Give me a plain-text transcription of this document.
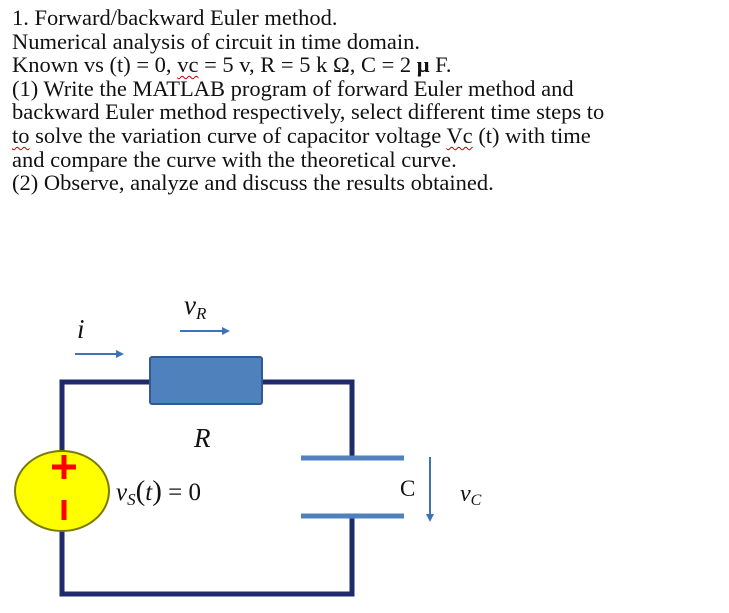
1. Forward/backward Euler method.
Numerical analysis of circuit in time domain.
Known vs (t) = 0, vc = 5 v, R = 5 k Ω, C = 2 μ F.
(1) Write the MATLAB program of forward Euler method and
backward Euler method respectively, select different time steps to
to solve the variation curve of capacitor voltage Vc (t) with time
and compare the curve with the theoretical curve.
(2) Observe, analyze and discuss the results obtained.
vR
i
R
$v_S(t) = 0$	C vC
